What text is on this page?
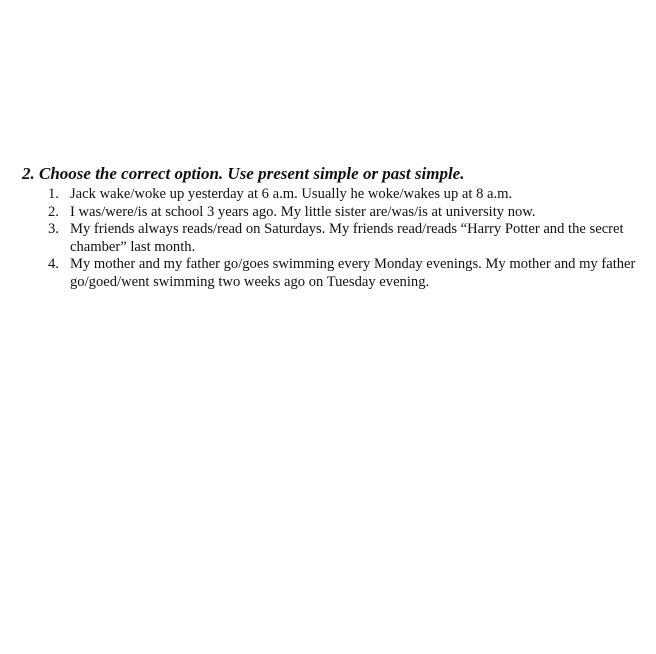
2. Choose the correct option. Use present simple or past simple.
1. Jack wake/woke up yesterday at 6 a.m. Usually he woke/wakes up at 8 a.m.
2. I was/were/is at school 3 years ago. My little sister are/was/is at university now.
3. My friends always reads/read on Saturdays. My friends read/reads “Harry Potter and the secret chamber” last month.
4. My mother and my father go/goes swimming every Monday evenings. My mother and my father go/goed/went swimming two weeks ago on Tuesday evening.
